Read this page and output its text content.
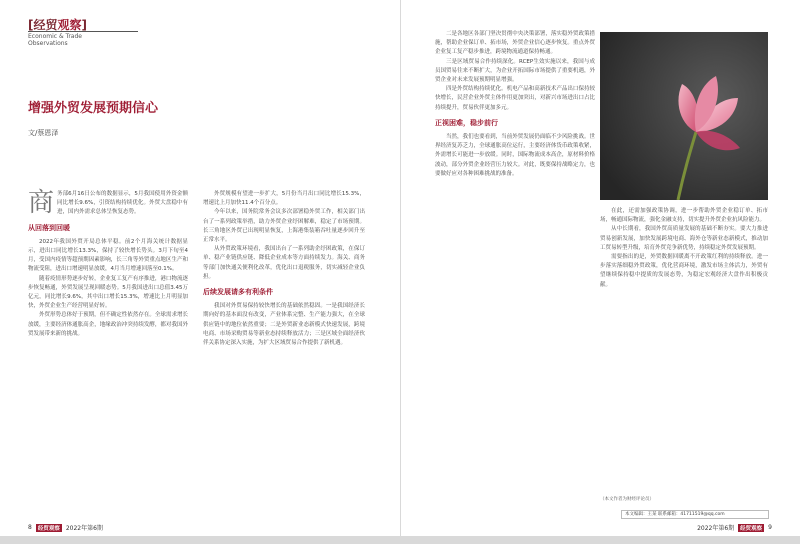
[经贸观察]
Economic & Trade Observations
增强外贸发展预期信心
文/蔡恩泽
商 务部6月16日公布的数据显示，5月我国使用外资金额同比增长9.6%，引资结构持续优化。外贸大盘稳中有进，国内外需求总体呈恢复态势。
从回落到回暖

2022年我国外贸开局总体平稳。前2个月海关统计数据显示，进出口同比增长13.3%，保持了较快增长势头。3月下旬至4月，受国内疫情等超预期因素影响，长三角等外贸重点地区生产和物流受阻，进出口增速明显放缓，4月当月增速回落至0.1%。

随着疫情形势逐步好转，企业复工复产有序推进，港口物流逐步恢复畅通，外贸发展呈现回暖态势。5月我国进出口总值3.45万亿元，同比增长9.6%，其中出口增长15.3%，增速比上月明显加快，外贸企业生产经营明显好转。

外贸形势总体好于预期，但不确定性依然存在。全球需求增长放缓，主要经济体通胀高企，地缘政治冲突持续发酵，都对我国外贸发展带来新的挑战。

外贸规模有望进一步扩大，5月份当月出口同比增长15.3%，增速比上月加快11.4个百分点。

今年以来，国务院常务会议多次部署稳外贸工作，相关部门出台了一系列政策举措，助力外贸企业纾困解难，稳定了市场预期。长三角地区外贸已出现明显恢复，上海港集装箱吞吐量逐步回升至正常水平。

从外贸政策环境看，我国出台了一系列助企纾困政策，在保订单、稳产业链供应链、降低企业成本等方面持续发力。海关、商务等部门加快通关便利化改革，优化出口退税服务，切实减轻企业负担。

后续发展请多有利条件

我国对外贸易保持较快增长的基础依然稳固。一是我国经济长期向好的基本面没有改变，产业体系完整、生产能力强大，在全球供应链中的地位依然重要；二是外贸新业态新模式快速发展，跨境电商、市场采购贸易等新业态持续释放活力；三是区域全面经济伙伴关系协定深入实施，为扩大区域贸易合作提供了新机遇。

8	经贸观察	2022年第6期

二是各地区各部门坚决贯彻中央决策部署，落实稳外贸政策措施，帮助企业保订单、拓市场，外贸企业信心逐步恢复。重点外贸企业复工复产稳步推进，跨境物流通道保持畅通。

三是区域贸易合作持续深化。RCEP生效实施以来，我国与成员国贸易往来不断扩大，为企业开拓国际市场提供了重要机遇，外贸企业对未来发展预期明显增强。

四是外贸结构持续优化。机电产品和高新技术产品出口保持较快增长，民营企业外贸主体作用更加突出，对新兴市场进出口占比持续提升，贸易伙伴更加多元。

正视困难，稳步前行

当然，我们也要看到，当前外贸发展仍面临不少风险挑战。世界经济复苏乏力，全球通胀高位运行，主要经济体货币政策收紧，外需增长可能进一步放缓。同时，国际物流成本高企，原材料价格波动，部分外贸企业经营压力较大。对此，既要保持战略定力，也要做好应对各种困难挑战的准备。

在此，还需加强政策协调，进一步帮助外贸企业稳订单、拓市场，畅通国际物流，强化金融支持，切实提升外贸企业抗风险能力。

从中长期看，我国外贸高质量发展的基础不断夯实。要大力推进贸易创新发展，加快发展跨境电商、海外仓等新业态新模式，推动加工贸易转型升级，培育外贸竞争新优势，持续稳定外贸发展预期。

需要指出的是，外贸数据回暖离不开政策红利的持续释放。进一步落实落细稳外贸政策，优化营商环境，激发市场主体活力，外贸有望继续保持稳中提质的发展态势，为稳定宏观经济大盘作出积极贡献。

（本文作者为财经评论员）
本文编辑：王某 联系邮箱：41711519@qq.com
2022年第6期	经贸观察	9
